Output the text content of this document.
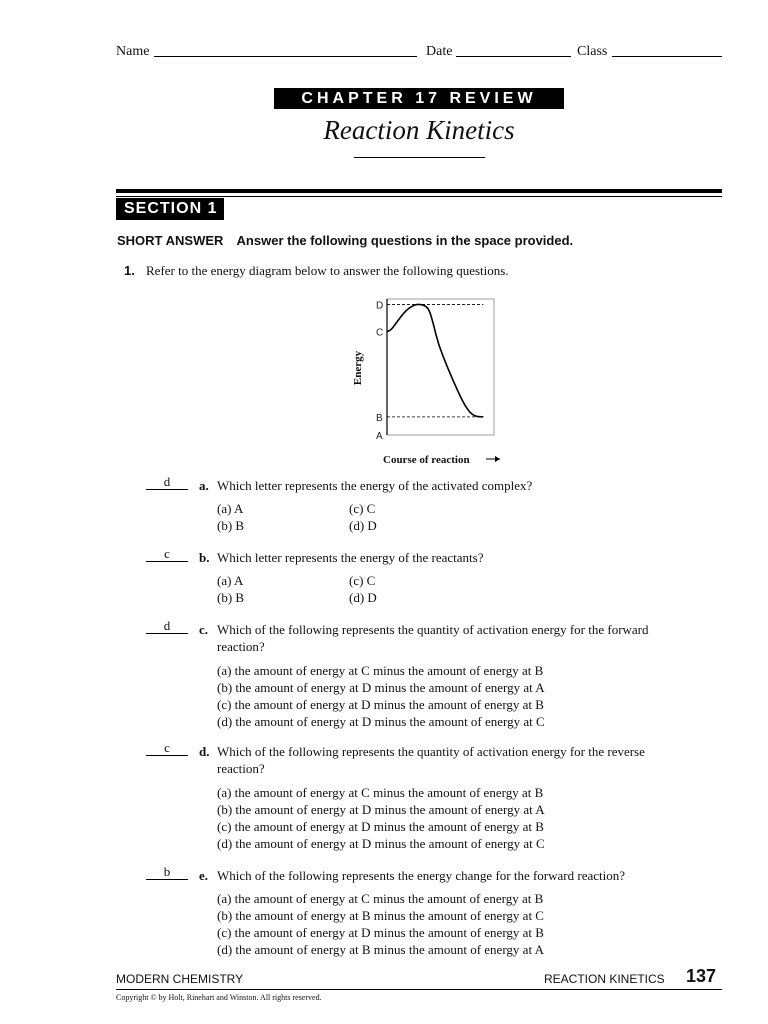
Name	Date	Class
CHAPTER 17 REVIEW
Reaction Kinetics
SECTION 1
SHORT ANSWER Answer the following questions in the space provided.
1. Refer to the energy diagram below to answer the following questions.
D
C
B
A
Energy
Course of reaction
d	a. Which letter represents the energy of the activated complex?
(a) A	(c) C
(b) B	(d) D
c	b. Which letter represents the energy of the reactants?
(a) A	(c) C
(b) B	(d) D
d	c. Which of the following represents the quantity of activation energy for the forward
reaction?
(a) the amount of energy at C minus the amount of energy at B
(b) the amount of energy at D minus the amount of energy at A
(c) the amount of energy at D minus the amount of energy at B
(d) the amount of energy at D minus the amount of energy at C
c	d. Which of the following represents the quantity of activation energy for the reverse
reaction?
(a) the amount of energy at C minus the amount of energy at B
(b) the amount of energy at D minus the amount of energy at A
(c) the amount of energy at D minus the amount of energy at B
(d) the amount of energy at D minus the amount of energy at C
b	e. Which of the following represents the energy change for the forward reaction?
(a) the amount of energy at C minus the amount of energy at B
(b) the amount of energy at B minus the amount of energy at C
(c) the amount of energy at D minus the amount of energy at B
(d) the amount of energy at B minus the amount of energy at A
MODERN CHEMISTRY	REACTION KINETICS 137
Copyright © by Holt, Rinehart and Winston. All rights reserved.
